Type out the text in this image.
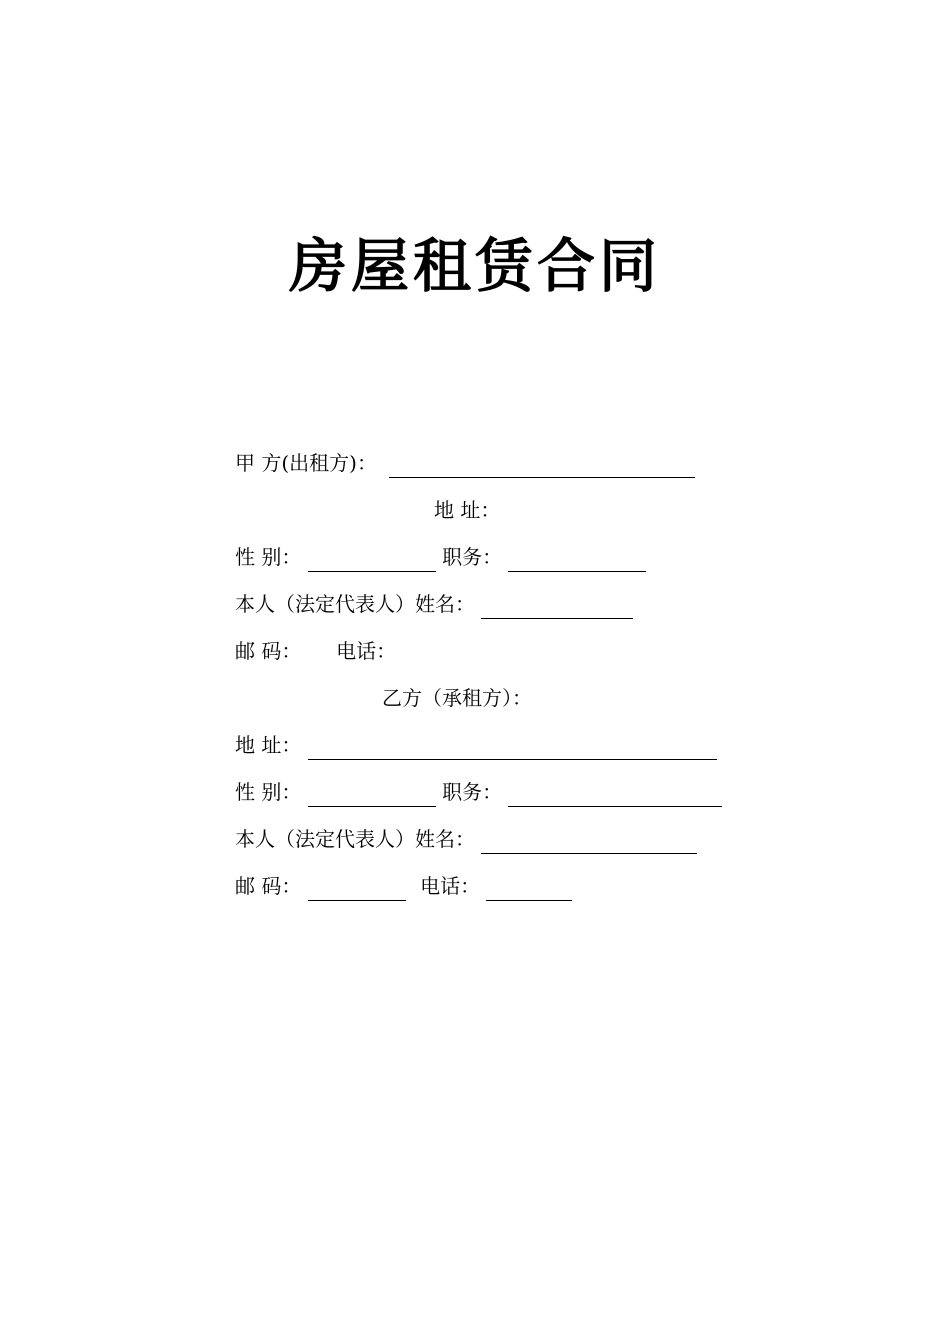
房屋租赁合同
甲 方(出租方)：
地 址：
性 别：	职务：
本人（法定代表人）姓名：
邮 码： 电话：
乙方（承租方）：
地 址：
性 别：	职务：
本人（法定代表人）姓名：
邮 码：	电话：
